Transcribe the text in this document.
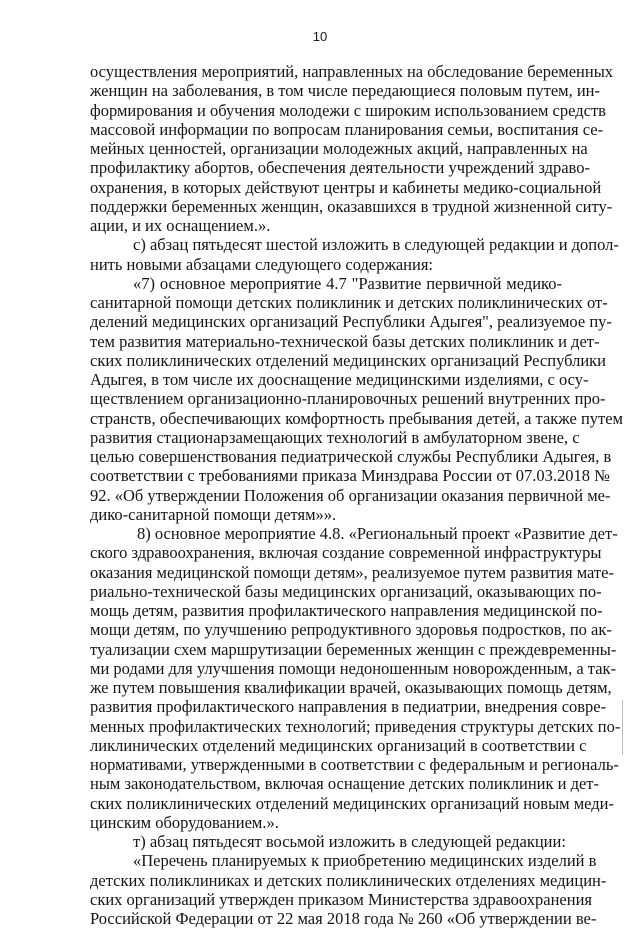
10
осуществления мероприятий, направленных на обследование беременных
женщин на заболевания, в том числе передающиеся половым путем, ин-
формирования и обучения молодежи с широким использованием средств
массовой информации по вопросам планирования семьи, воспитания се-
мейных ценностей, организации молодежных акций, направленных на
профилактику абортов, обеспечения деятельности учреждений здраво-
охранения, в которых действуют центры и кабинеты медико-социальной
поддержки беременных женщин, оказавшихся в трудной жизненной ситу-
ации, и их оснащением.».
с) абзац пятьдесят шестой изложить в следующей редакции и допол-
нить новыми абзацами следующего содержания:
«7) основное мероприятие 4.7 "Развитие первичной медико-
санитарной помощи детских поликлиник и детских поликлинических от-
делений медицинских организаций Республики Адыгея", реализуемое пу-
тем развития материально-технической базы детских поликлиник и дет-
ских поликлинических отделений медицинских организаций Республики
Адыгея, в том числе их дооснащение медицинскими изделиями, с осу-
ществлением организационно-планировочных решений внутренних про-
странств, обеспечивающих комфортность пребывания детей, а также путем
развития стационарзамещающих технологий в амбулаторном звене, с
целью совершенствования педиатрической службы Республики Адыгея, в
соответствии с требованиями приказа Минздрава России от 07.03.2018 №
92. «Об утверждении Положения об организации оказания первичной ме-
дико-санитарной помощи детям»».
8) основное мероприятие 4.8. «Региональный проект «Развитие дет-
ского здравоохранения, включая создание современной инфраструктуры
оказания медицинской помощи детям», реализуемое путем развития мате-
риально-технической базы медицинских организаций, оказывающих по-
мощь детям, развития профилактического направления медицинской по-
мощи детям, по улучшению репродуктивного здоровья подростков, по ак-
туализации схем маршрутизации беременных женщин с преждевременны-
ми родами для улучшения помощи недоношенным новорожденным, а так-
же путем повышения квалификации врачей, оказывающих помощь детям,
развития профилактического направления в педиатрии, внедрения совре-
менных профилактических технологий; приведения структуры детских по-
ликлинических отделений медицинских организаций в соответствии с
нормативами, утвержденными в соответствии с федеральным и региональ-
ным законодательством, включая оснащение детских поликлиник и дет-
ских поликлинических отделений медицинских организаций новым меди-
цинским оборудованием.».
т) абзац пятьдесят восьмой изложить в следующей редакции:
«Перечень планируемых к приобретению медицинских изделий в
детских поликлиниках и детских поликлинических отделениях медицин-
ских организаций утвержден приказом Министерства здравоохранения
Российской Федерации от 22 мая 2018 года № 260 «Об утверждении ве-
